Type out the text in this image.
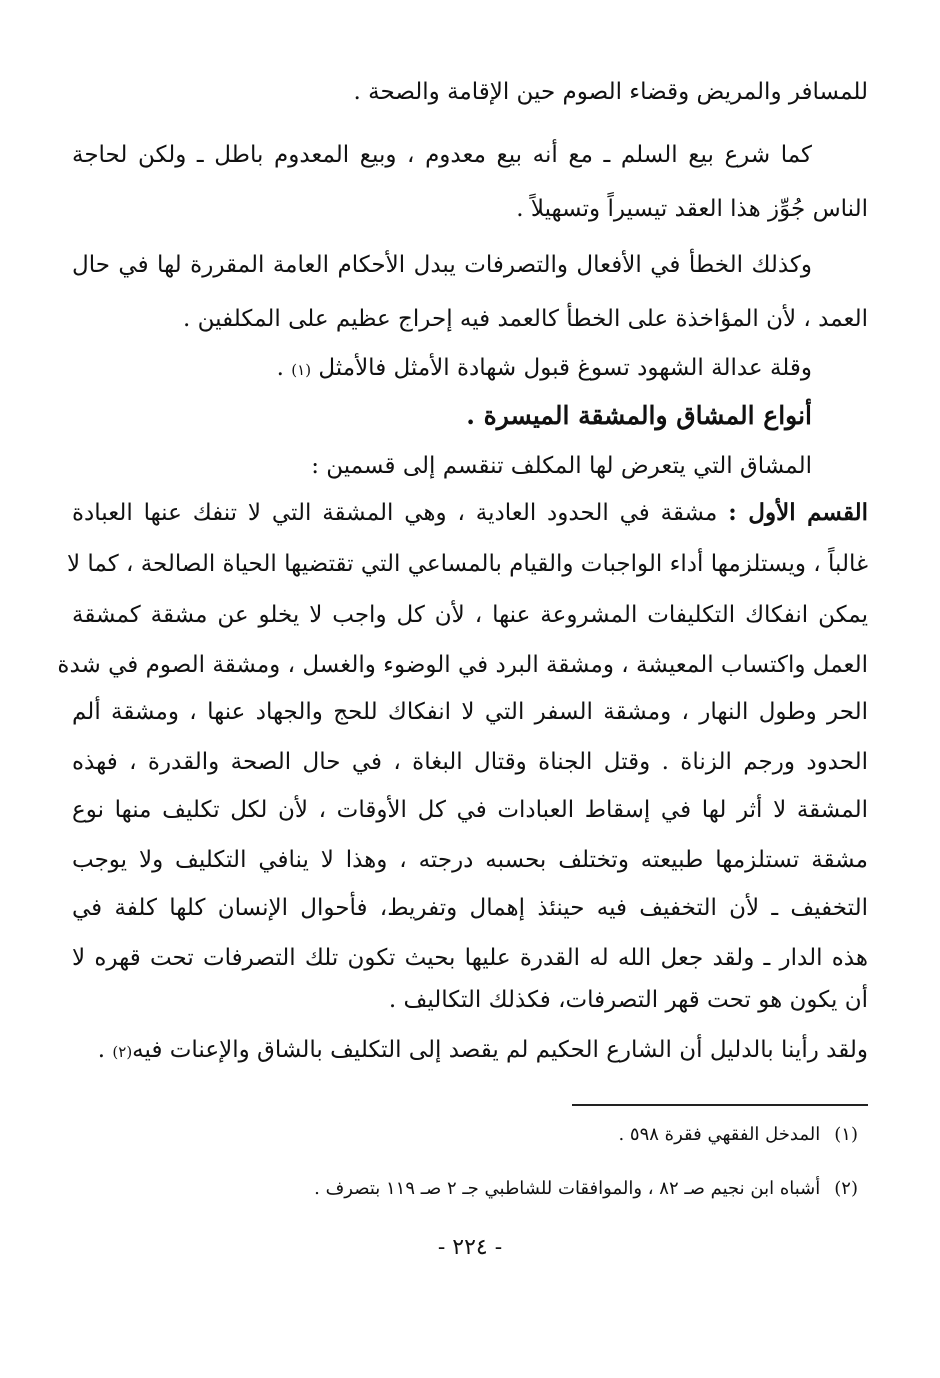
للمسافر والمريض وقضاء الصوم حين الإقامة والصحة .
كما شرع بيع السلم ـ مع أنه بيع معدوم ، وبيع المعدوم باطل ـ ولكن لحاجة
الناس جُوِّز هذا العقد تيسيراً وتسهيلاً .
وكذلك الخطأ في الأفعال والتصرفات يبدل الأحكام العامة المقررة لها في حال
العمد ، لأن المؤاخذة على الخطأ كالعمد فيه إحراج عظيم على المكلفين .
وقلة عدالة الشهود تسوغ قبول شهادة الأمثل فالأمثل (١) .
أنواع المشاق والمشقة الميسرة .
المشاق التي يتعرض لها المكلف تنقسم إلى قسمين :
القسم الأول : مشقة في الحدود العادية ، وهي المشقة التي لا تنفك عنها العبادة
غالباً ، ويستلزمها أداء الواجبات والقيام بالمساعي التي تقتضيها الحياة الصالحة ، كما لا
يمكن انفكاك التكليفات المشروعة عنها ، لأن كل واجب لا يخلو عن مشقة كمشقة
العمل واكتساب المعيشة ، ومشقة البرد في الوضوء والغسل ، ومشقة الصوم في شدة
الحر وطول النهار ، ومشقة السفر التي لا انفكاك للحج والجهاد عنها ، ومشقة ألم
الحدود ورجم الزناة . وقتل الجناة وقتال البغاة ، في حال الصحة والقدرة ، فهذه
المشقة لا أثر لها في إسقاط العبادات في كل الأوقات ، لأن لكل تكليف منها نوع
مشقة تستلزمها طبيعته وتختلف بحسبه درجته ، وهذا لا ينافي التكليف ولا يوجب
التخفيف ـ لأن التخفيف فيه حينئذ إهمال وتفريط، فأحوال الإنسان كلها كلفة في
هذه الدار ـ ولقد جعل الله له القدرة عليها بحيث تكون تلك التصرفات تحت قهره لا
أن يكون هو تحت قهر التصرفات، فكذلك التكاليف .
ولقد رأينا بالدليل أن الشارع الحكيم لم يقصد إلى التكليف بالشاق والإعنات فيه(٢) .
(١)المدخل الفقهي فقرة ٥٩٨ .
(٢)أشباه ابن نجيم صـ ٨٢ ، والموافقات للشاطبي جـ ٢ صـ ١١٩ بتصرف .
- ٢٢٤ -
